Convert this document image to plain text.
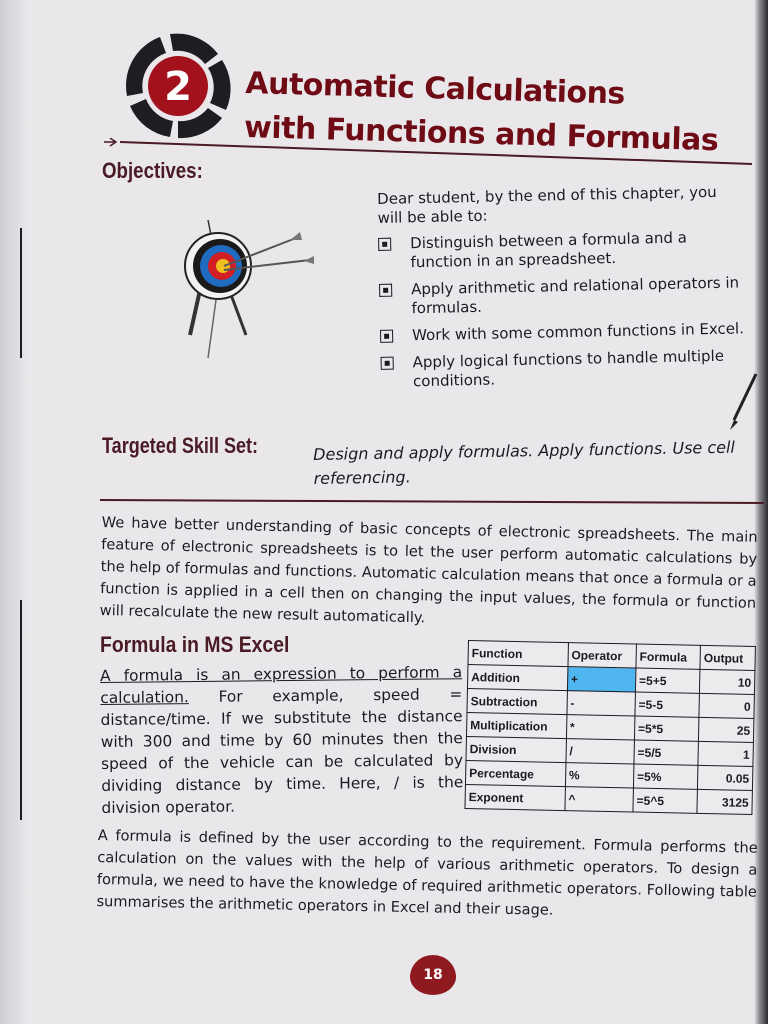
2 Automatic Calculations
with Functions and Formulas
Objectives:
Dear student, by the end of this chapter, you will be able to:
Distinguish between a formula and a function in an spreadsheet.
Apply arithmetic and relational operators in formulas.
Work with some common functions in Excel.
Apply logical functions to handle multiple conditions.
Targeted Skill Set:	Design and apply formulas. Apply functions. Use cell referencing.
We have better understanding of basic concepts of electronic spreadsheets. The main feature of electronic spreadsheets is to let the user perform automatic calculations by the help of formulas and functions. Automatic calculation means that once a formula or a function is applied in a cell then on changing the input values, the formula or function will recalculate the new result automatically.
Formula in MS Excel
A formula is an expression to perform a calculation. For example, speed = distance/time. If we substitute the distance with 300 and time by 60 minutes then the speed of the vehicle can be calculated by dividing distance by time. Here, / is the division operator.
Function	Operator	Formula	Output
Addition	+	=5+5	10
Subtraction	-	=5-5	0
Multiplication	*	=5*5	25
Division	/	=5/5	1
Percentage	%	=5%	0.05
Exponent	^	=5^5	3125
A formula is defined by the user according to the requirement. Formula performs the calculation on the values with the help of various arithmetic operators. To design a formula, we need to have the knowledge of required arithmetic operators. Following table summarises the arithmetic operators in Excel and their usage.
18
